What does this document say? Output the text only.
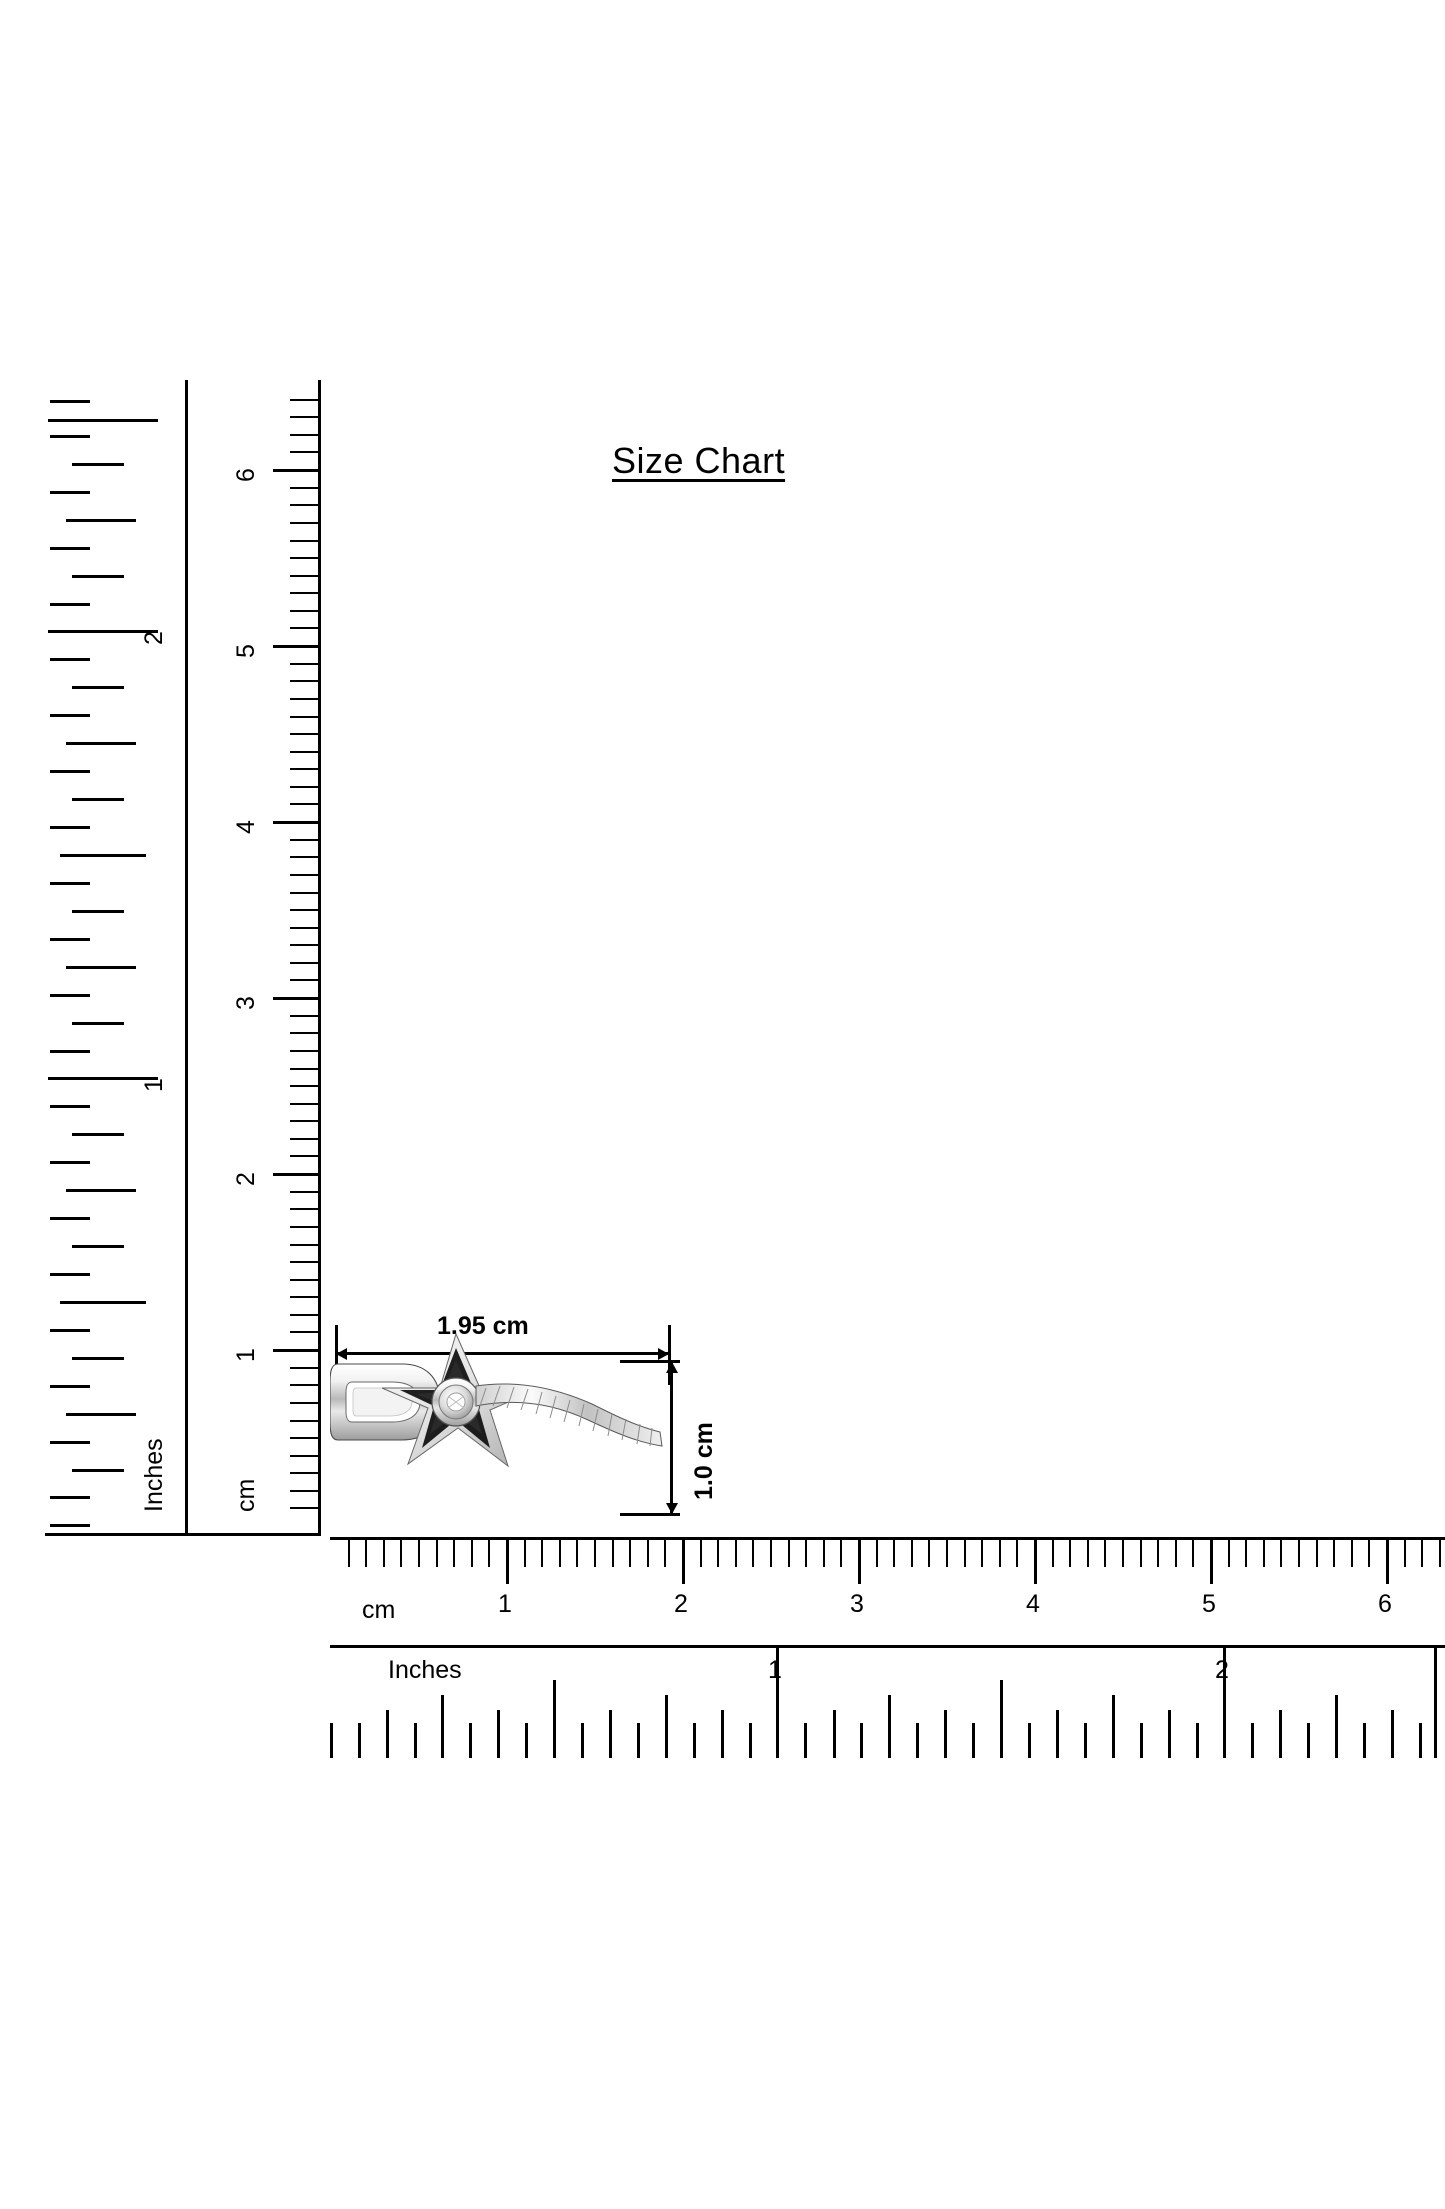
Size Chart
1
2
3
4
5
6
cm
1
2
Inches
1	2	3	4	5	6
cm
1	2
Inches
1.95 cm
1.0 cm
